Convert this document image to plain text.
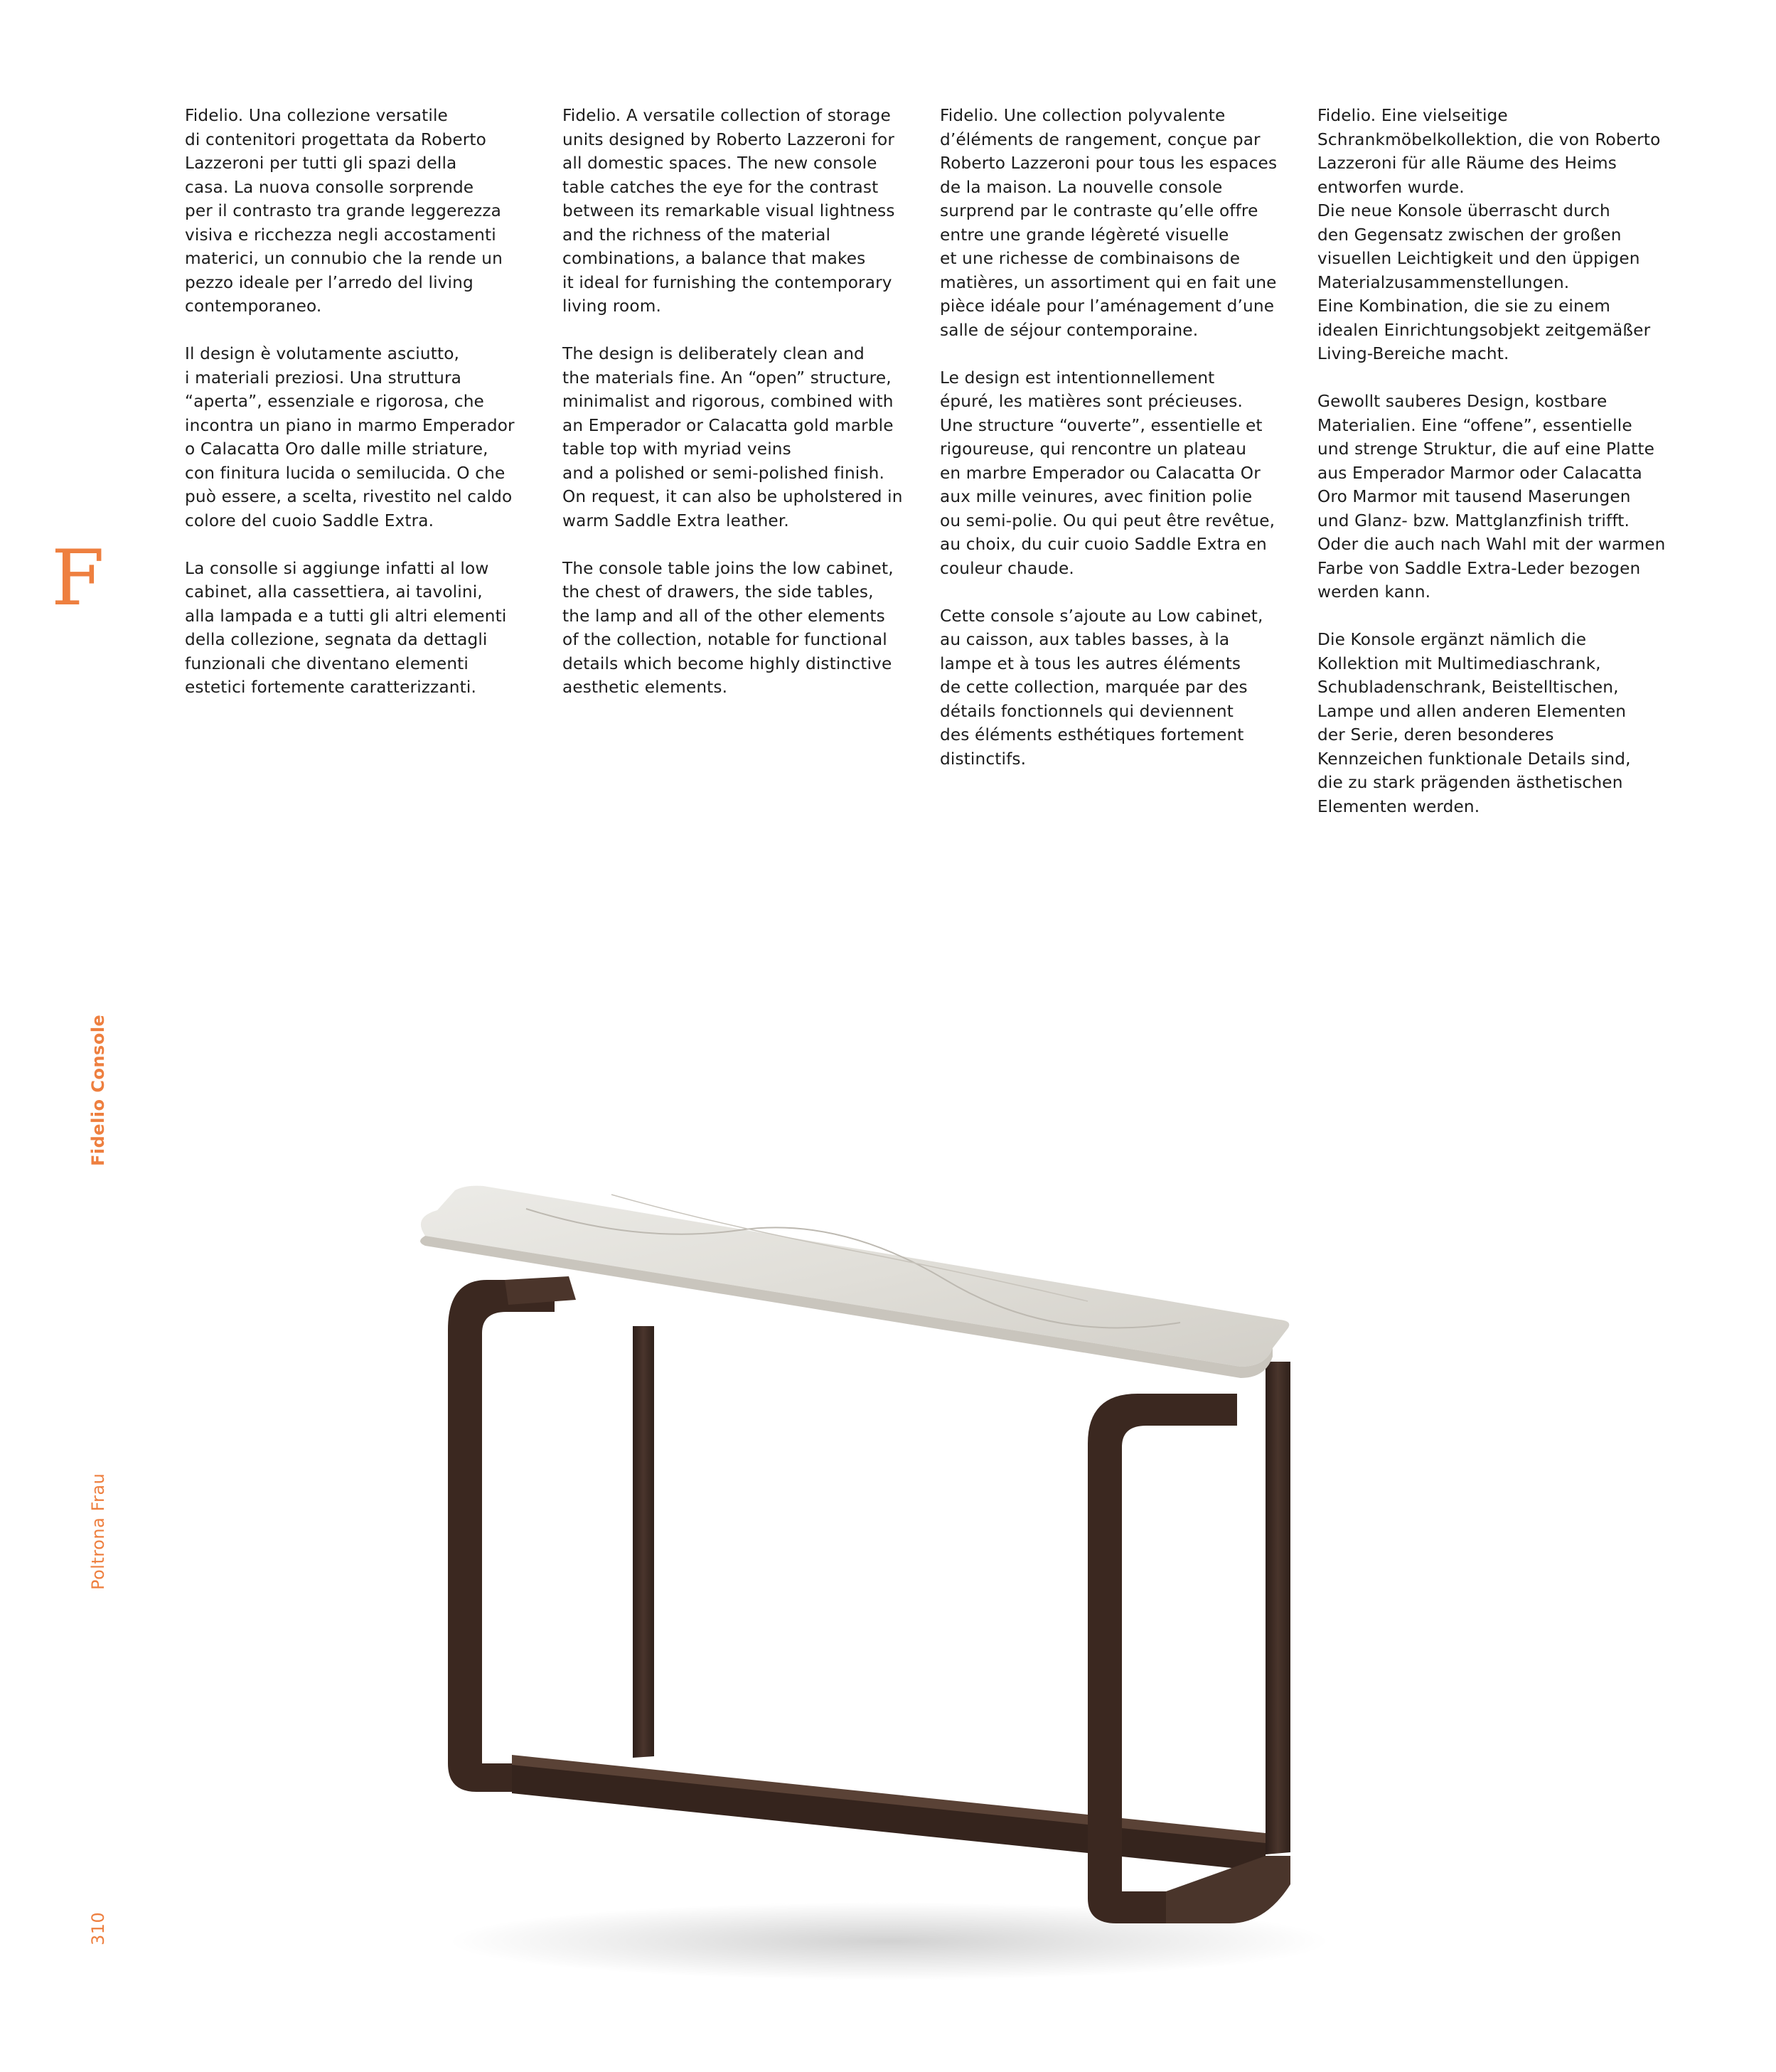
Fidelio. Una collezione versatile
di contenitori progettata da Roberto
Lazzeroni per tutti gli spazi della
casa. La nuova consolle sorprende
per il contrasto tra grande leggerezza
visiva e ricchezza negli accostamenti
materici, un connubio che la rende un
pezzo ideale per l’arredo del living
contemporaneo.
Il design è volutamente asciutto,
i materiali preziosi. Una struttura
“aperta”, essenziale e rigorosa, che
incontra un piano in marmo Emperador
o Calacatta Oro dalle mille striature,
con finitura lucida o semilucida. O che
può essere, a scelta, rivestito nel caldo
colore del cuoio Saddle Extra.
La consolle si aggiunge infatti al low
cabinet, alla cassettiera, ai tavolini,
alla lampada e a tutti gli altri elementi
della collezione, segnata da dettagli
funzionali che diventano elementi
estetici fortemente caratterizzanti.
Fidelio. A versatile collection of storage
units designed by Roberto Lazzeroni for
all domestic spaces. The new console
table catches the eye for the contrast
between its remarkable visual lightness
and the richness of the material
combinations, a balance that makes
it ideal for furnishing the contemporary
living room.
The design is deliberately clean and
the materials fine. An “open” structure,
minimalist and rigorous, combined with
an Emperador or Calacatta gold marble
table top with myriad veins
and a polished or semi-polished finish.
On request, it can also be upholstered in
warm Saddle Extra leather.
The console table joins the low cabinet,
the chest of drawers, the side tables,
the lamp and all of the other elements
of the collection, notable for functional
details which become highly distinctive
aesthetic elements.
Fidelio. Une collection polyvalente
d’éléments de rangement, conçue par
Roberto Lazzeroni pour tous les espaces
de la maison. La nouvelle console
surprend par le contraste qu’elle offre
entre une grande légèreté visuelle
et une richesse de combinaisons de
matières, un assortiment qui en fait une
pièce idéale pour l’aménagement d’une
salle de séjour contemporaine.
Le design est intentionnellement
épuré, les matières sont précieuses.
Une structure “ouverte”, essentielle et
rigoureuse, qui rencontre un plateau
en marbre Emperador ou Calacatta Or
aux mille veinures, avec finition polie
ou semi-polie. Ou qui peut être revêtue,
au choix, du cuir cuoio Saddle Extra en
couleur chaude.
Cette console s’ajoute au Low cabinet,
au caisson, aux tables basses, à la
lampe et à tous les autres éléments
de cette collection, marquée par des
détails fonctionnels qui deviennent
des éléments esthétiques fortement
distinctifs.
Fidelio. Eine vielseitige
Schrankmöbelkollektion, die von Roberto
Lazzeroni für alle Räume des Heims
entworfen wurde.
Die neue Konsole überrascht durch
den Gegensatz zwischen der großen
visuellen Leichtigkeit und den üppigen
Materialzusammenstellungen.
Eine Kombination, die sie zu einem
idealen Einrichtungsobjekt zeitgemäßer
Living-Bereiche macht.
Gewollt sauberes Design, kostbare
Materialien. Eine “offene”, essentielle
und strenge Struktur, die auf eine Platte
aus Emperador Marmor oder Calacatta
Oro Marmor mit tausend Maserungen
und Glanz- bzw. Mattglanzfinish trifft.
Oder die auch nach Wahl mit der warmen
Farbe von Saddle Extra-Leder bezogen
werden kann.
Die Konsole ergänzt nämlich die
Kollektion mit Multimediaschrank,
Schubladenschrank, Beistelltischen,
Lampe und allen anderen Elementen
der Serie, deren besonderes
Kennzeichen funktionale Details sind,
die zu stark prägenden ästhetischen
Elementen werden.
F
Fidelio Console
Poltrona Frau
310
